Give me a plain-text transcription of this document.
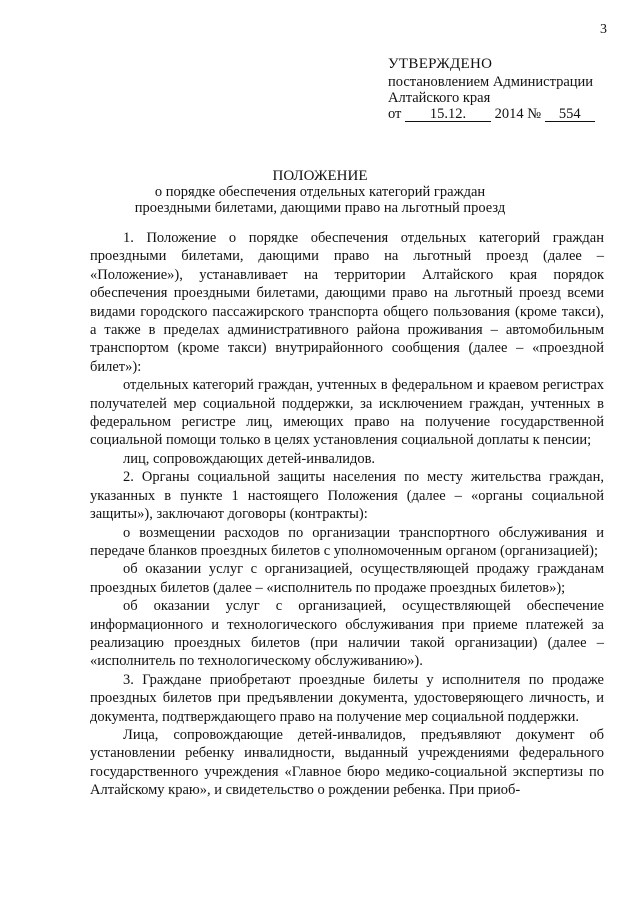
3
УТВЕРЖДЕНО
постановлением Администрации
Алтайского края
от 15.12. 2014 № 554
ПОЛОЖЕНИЕ
о порядке обеспечения отдельных категорий граждан
проездными билетами, дающими право на льготный проезд

1. Положение о порядке обеспечения отдельных категорий граждан проездными билетами, дающими право на льготный проезд (далее – «Положение»), устанавливает на территории Алтайского края порядок обеспечения проездными билетами, дающими право на льготный проезд всеми видами городского пассажирского транспорта общего пользования (кроме такси), а также в пределах административного района проживания – автомобильным транспортом (кроме такси) внутрирайонного сообщения (далее – «проездной билет»):

отдельных категорий граждан, учтенных в федеральном и краевом регистрах получателей мер социальной поддержки, за исключением граждан, учтенных в федеральном регистре лиц, имеющих право на получение государственной социальной помощи только в целях установления социальной доплаты к пенсии;

лиц, сопровождающих детей-инвалидов.

2. Органы социальной защиты населения по месту жительства граждан, указанных в пункте 1 настоящего Положения (далее – «органы социальной защиты»), заключают договоры (контракты):

о возмещении расходов по организации транспортного обслуживания и передаче бланков проездных билетов с уполномоченным органом (организацией);

об оказании услуг с организацией, осуществляющей продажу гражданам проездных билетов (далее – «исполнитель по продаже проездных билетов»);

об оказании услуг с организацией, осуществляющей обеспечение информационного и технологического обслуживания при приеме платежей за реализацию проездных билетов (при наличии такой организации) (далее – «исполнитель по технологическому обслуживанию»).

3. Граждане приобретают проездные билеты у исполнителя по продаже проездных билетов при предъявлении документа, удостоверяющего личность, и документа, подтверждающего право на получение мер социальной поддержки.

Лица, сопровождающие детей-инвалидов, предъявляют документ об установлении ребенку инвалидности, выданный учреждениями федерального государственного учреждения «Главное бюро медико-социальной экспертизы по Алтайскому краю», и свидетельство о рождении ребенка. При приоб-
